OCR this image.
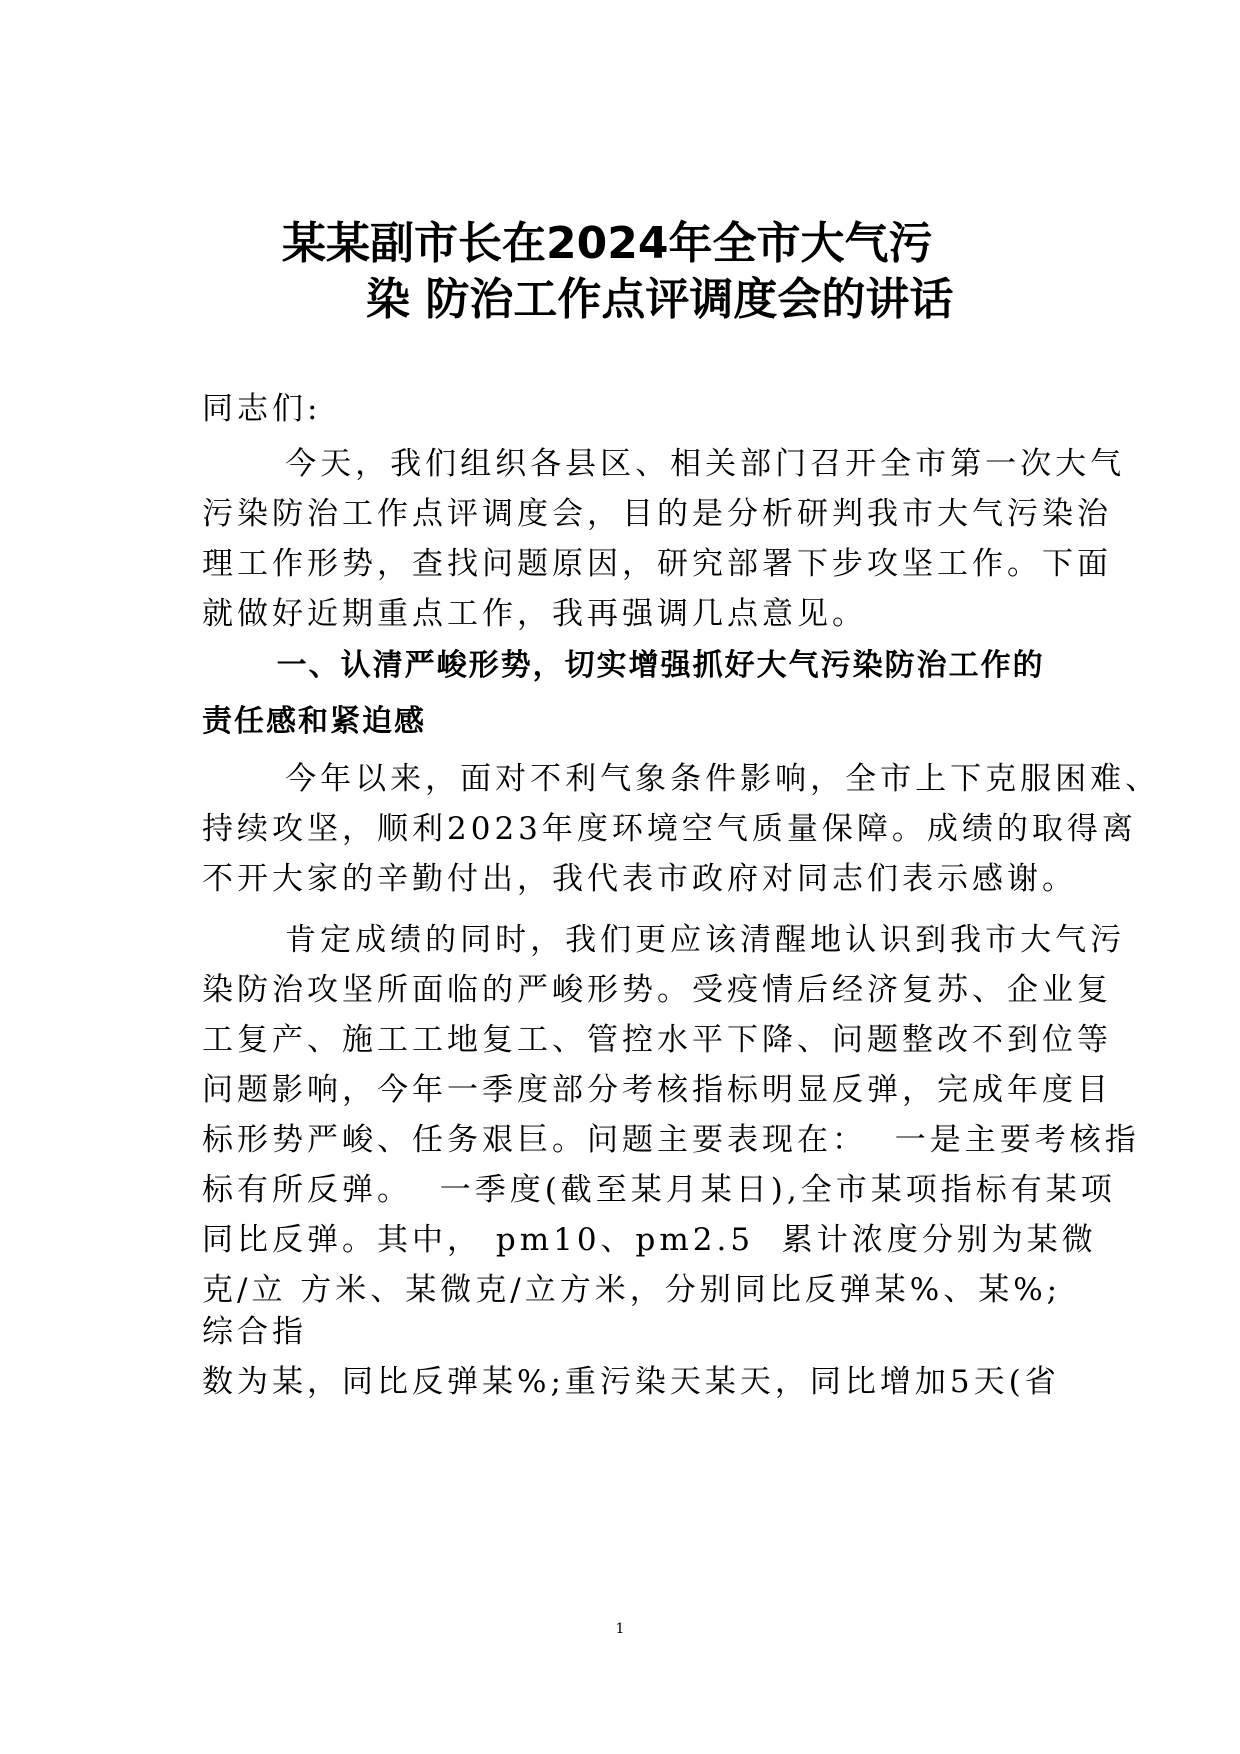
某某副市长在2024年全市大气污
染 防治工作点评调度会的讲话
同志们:
今天，我们组织各县区、相关部门召开全市第一次大气
污染防治工作点评调度会，目的是分析研判我市大气污染治
理工作形势，查找问题原因，研究部署下步攻坚工作。下面
就做好近期重点工作，我再强调几点意见。
一、认清严峻形势，切实增强抓好大气污染防治工作的
责任感和紧迫感
今年以来，面对不利气象条件影响，全市上下克服困难、
持续攻坚，顺利2023年度环境空气质量保障。成绩的取得离
不开大家的辛勤付出，我代表市政府对同志们表示感谢。
肯定成绩的同时，我们更应该清醒地认识到我市大气污
染防治攻坚所面临的严峻形势。受疫情后经济复苏、企业复
工复产、施工工地复工、管控水平下降、问题整改不到位等
问题影响，今年一季度部分考核指标明显反弹，完成年度目
标形势严峻、任务艰巨。问题主要表现在：  一是主要考核指
标有所反弹。  一季度(截至某月某日),全市某项指标有某项
同比反弹。其中， pm10、pm2.5  累计浓度分别为某微
克/立 方米、某微克/立方米，分别同比反弹某%、某%;
综合指
数为某，同比反弹某%;重污染天某天，同比增加5天(省
1
